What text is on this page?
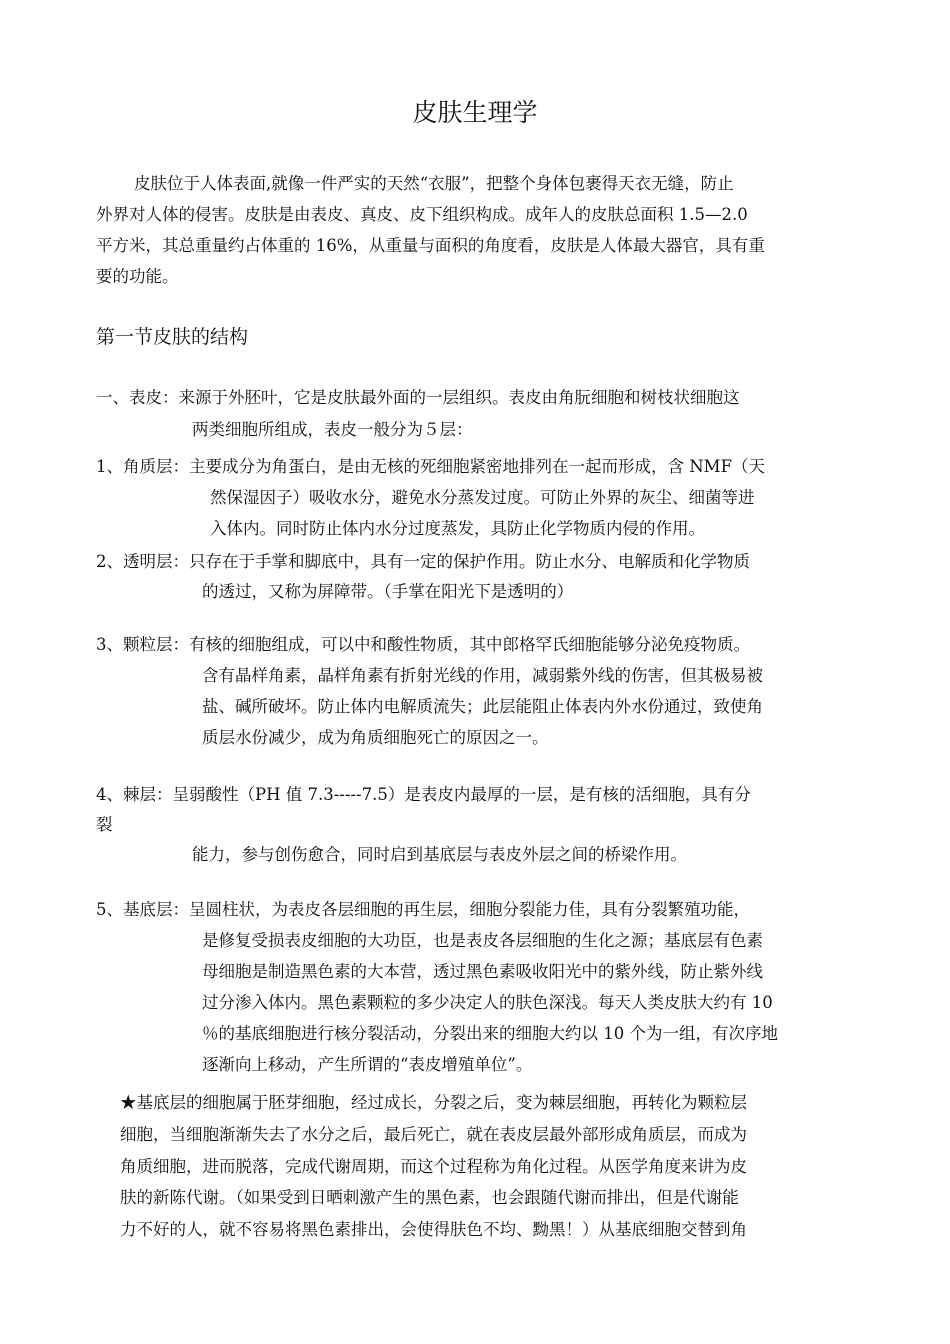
皮肤生理学
皮肤位于人体表面,就像一件严实的天然“衣服”，把整个身体包裹得天衣无缝，防止
外界对人体的侵害。皮肤是由表皮、真皮、皮下组织构成。成年人的皮肤总面积 1.5—2.0
平方米，其总重量约占体重的 16%，从重量与面积的角度看，皮肤是人体最大器官，具有重
要的功能。
第一节皮肤的结构
一、表皮：来源于外胚叶，它是皮肤最外面的一层组织。表皮由角朊细胞和树枝状细胞这
两类细胞所组成，表皮一般分为５层：
1、角质层：主要成分为角蛋白，是由无核的死细胞紧密地排列在一起而形成，含 NMF（天
然保湿因子）吸收水分，避免水分蒸发过度。可防止外界的灰尘、细菌等进
入体内。同时防止体内水分过度蒸发，具防止化学物质内侵的作用。
2、透明层：只存在于手掌和脚底中，具有一定的保护作用。防止水分、电解质和化学物质
的透过，又称为屏障带。（手掌在阳光下是透明的）
3、颗粒层：有核的细胞组成，可以中和酸性物质，其中郎格罕氏细胞能够分泌免疫物质。
含有晶样角素，晶样角素有折射光线的作用，减弱紫外线的伤害，但其极易被
盐、碱所破坏。防止体内电解质流失；此层能阻止体表内外水份通过，致使角
质层水份减少，成为角质细胞死亡的原因之一。
4、棘层：呈弱酸性（PH 值 7.3-----7.5）是表皮内最厚的一层，是有核的活细胞，具有分
裂
能力，参与创伤愈合，同时启到基底层与表皮外层之间的桥梁作用。
5、基底层：呈圆柱状，为表皮各层细胞的再生层，细胞分裂能力佳，具有分裂繁殖功能，
是修复受损表皮细胞的大功臣，也是表皮各层细胞的生化之源；基底层有色素
母细胞是制造黑色素的大本营，透过黑色素吸收阳光中的紫外线，防止紫外线
过分渗入体内。黑色素颗粒的多少决定人的肤色深浅。每天人类皮肤大约有 10
％的基底细胞进行核分裂活动，分裂出来的细胞大约以 10 个为一组，有次序地
逐渐向上移动，产生所谓的“表皮增殖单位”。
★基底层的细胞属于胚芽细胞，经过成长，分裂之后，变为棘层细胞，再转化为颗粒层
细胞，当细胞渐渐失去了水分之后，最后死亡，就在表皮层最外部形成角质层，而成为
角质细胞，进而脱落，完成代谢周期，而这个过程称为角化过程。从医学角度来讲为皮
肤的新陈代谢。（如果受到日晒刺激产生的黑色素，也会跟随代谢而排出，但是代谢能
力不好的人，就不容易将黑色素排出，会使得肤色不均、黝黑！）从基底细胞交替到角
